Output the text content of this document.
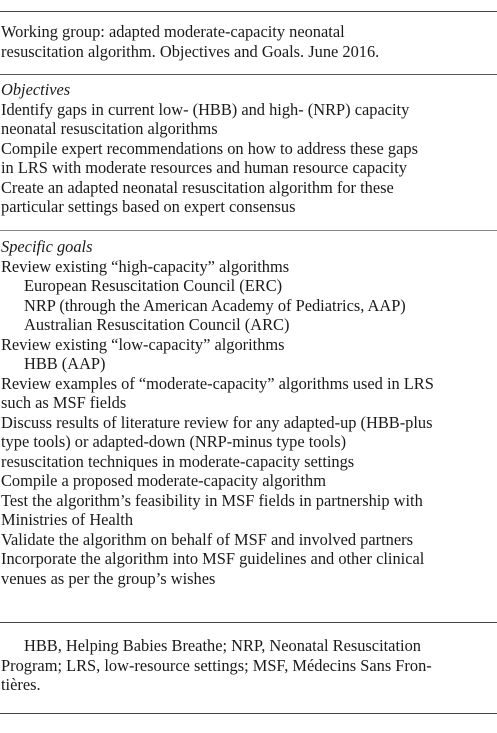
Working group: adapted moderate-capacity neonatal
resuscitation algorithm. Objectives and Goals. June 2016.
Objectives
Identify gaps in current low- (HBB) and high- (NRP) capacity
neonatal resuscitation algorithms
Compile expert recommendations on how to address these gaps
in LRS with moderate resources and human resource capacity
Create an adapted neonatal resuscitation algorithm for these
particular settings based on expert consensus
Specific goals
Review existing “high-capacity” algorithms
European Resuscitation Council (ERC)
NRP (through the American Academy of Pediatrics, AAP)
Australian Resuscitation Council (ARC)
Review existing “low-capacity” algorithms
HBB (AAP)
Review examples of “moderate-capacity” algorithms used in LRS
such as MSF fields
Discuss results of literature review for any adapted-up (HBB-plus
type tools) or adapted-down (NRP-minus type tools)
resuscitation techniques in moderate-capacity settings
Compile a proposed moderate-capacity algorithm
Test the algorithm’s feasibility in MSF fields in partnership with
Ministries of Health
Validate the algorithm on behalf of MSF and involved partners
Incorporate the algorithm into MSF guidelines and other clinical
venues as per the group’s wishes
HBB, Helping Babies Breathe; NRP, Neonatal Resuscitation
Program; LRS, low-resource settings; MSF, Médecins Sans Fron-
tières.
